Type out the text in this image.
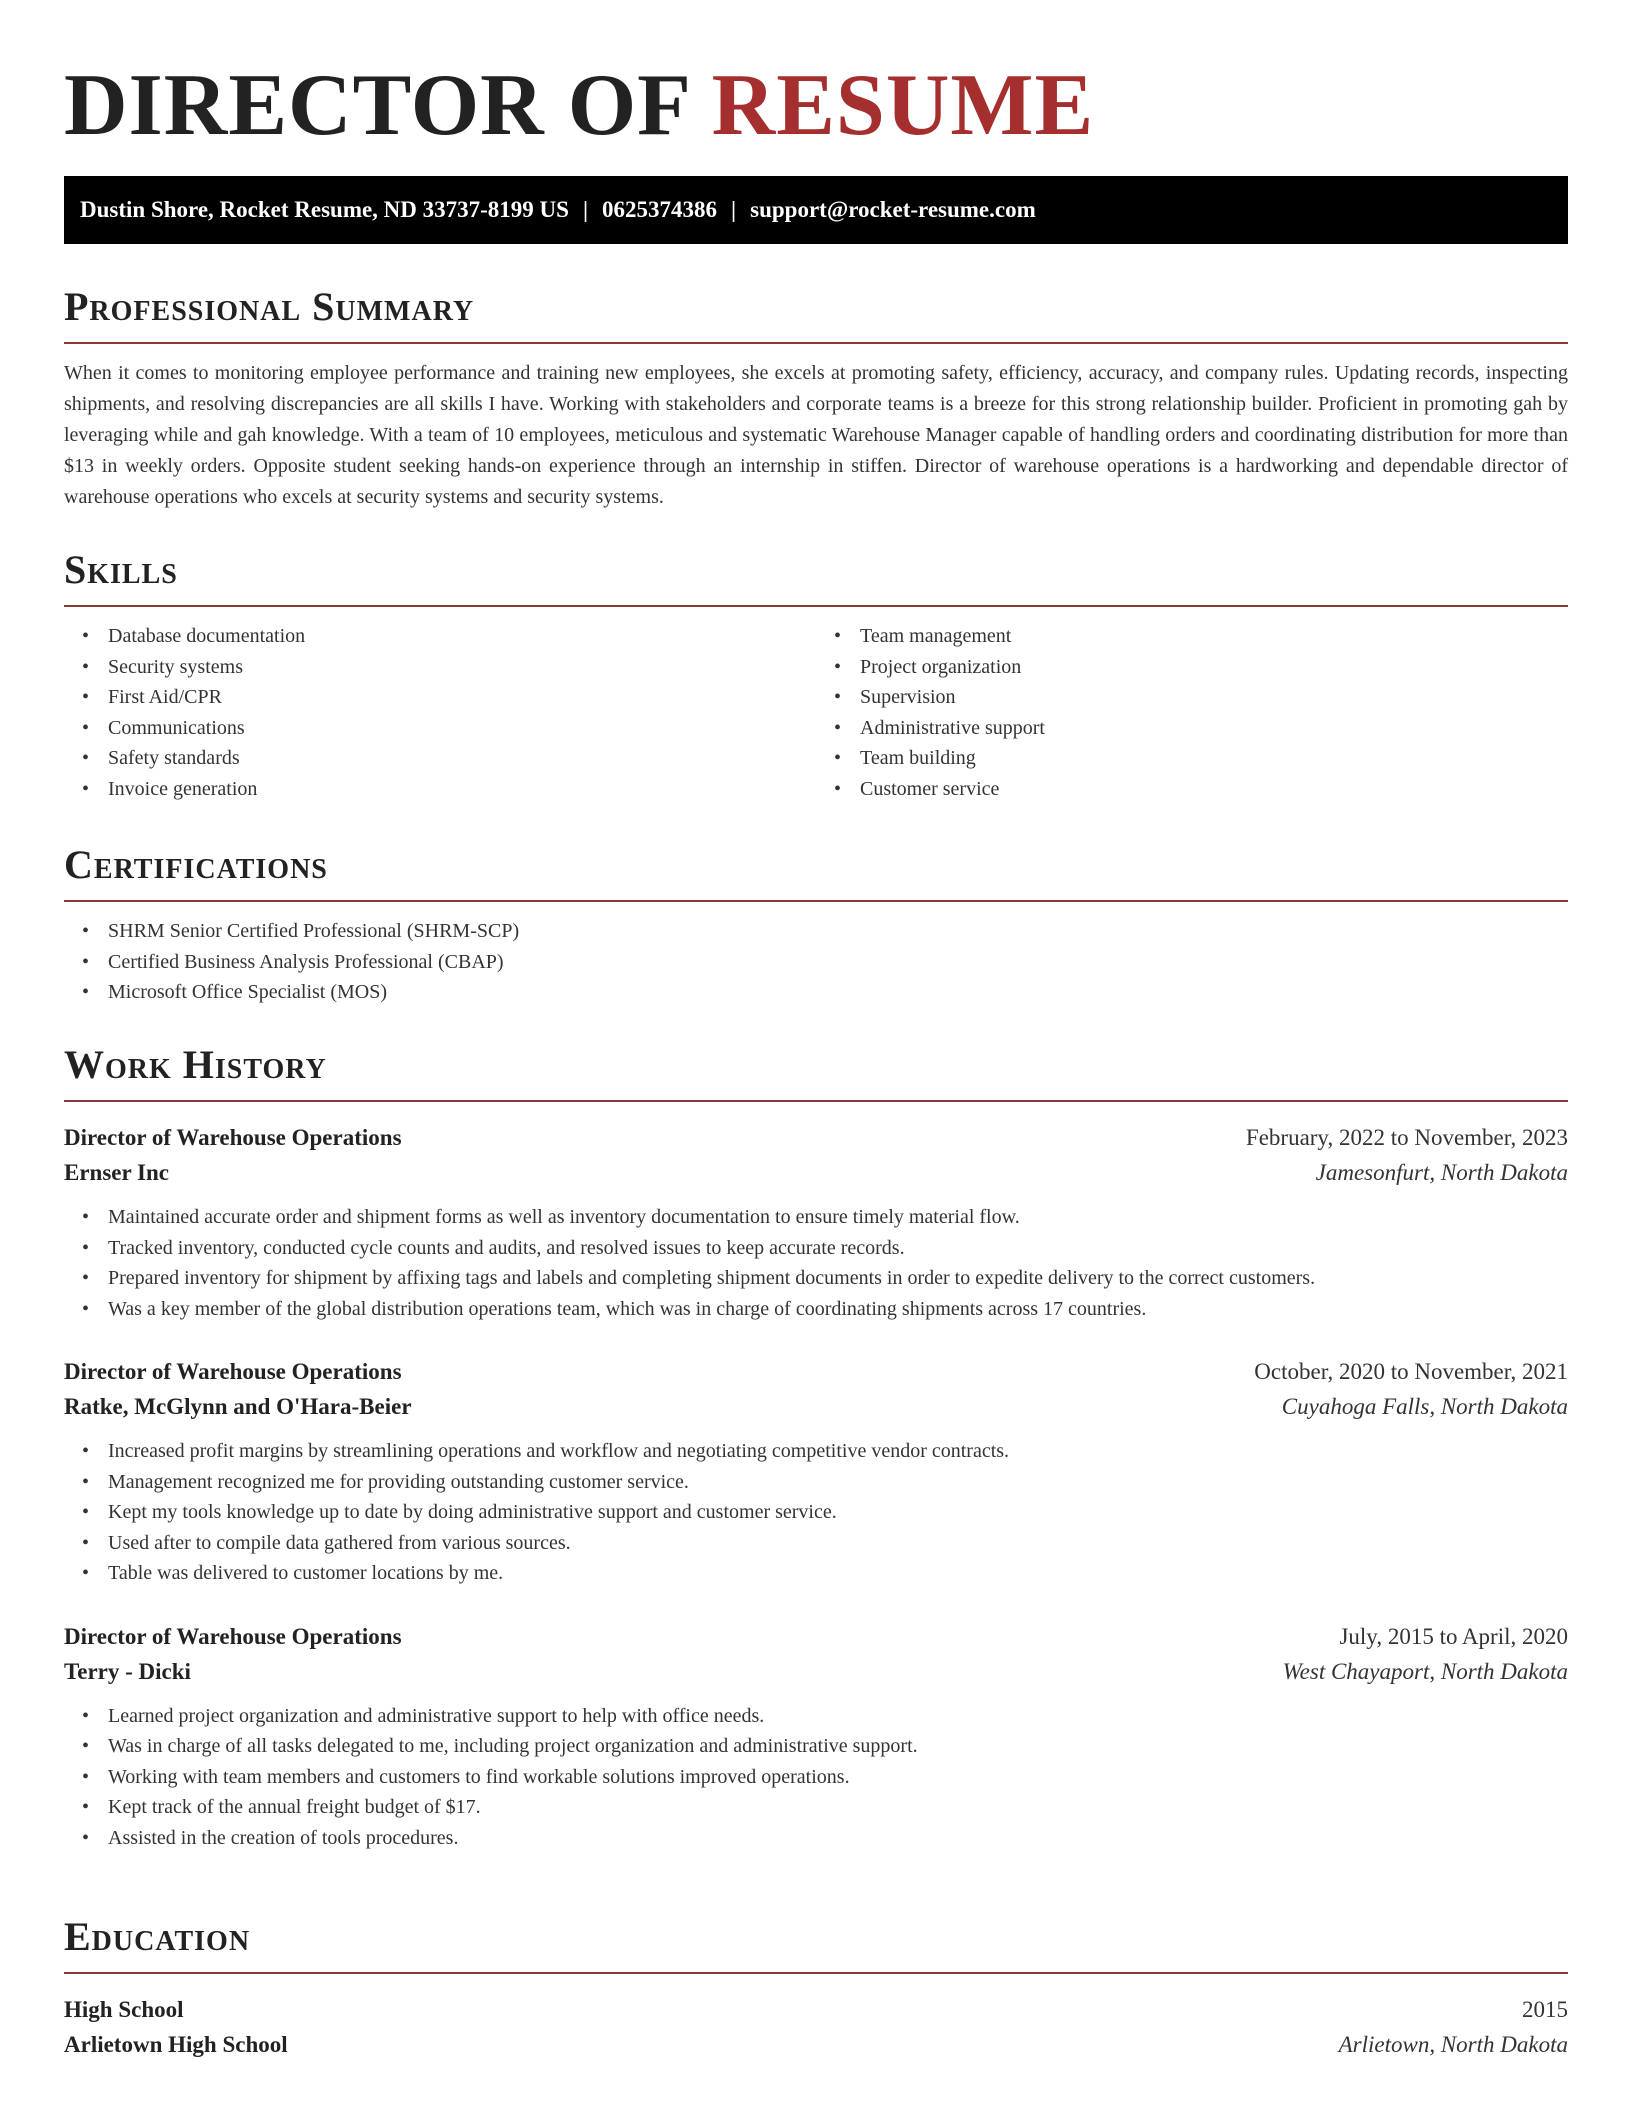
DIRECTOR OF RESUME
Dustin Shore, Rocket Resume, ND 33737-8199 US | 0625374386 | support@rocket-resume.com
Professional Summary

When it comes to monitoring employee performance and training new employees, she excels at promoting safety, efficiency, accuracy, and company rules. Updating records, inspecting shipments, and resolving discrepancies are all skills I have. Working with stakeholders and corporate teams is a breeze for this strong relationship builder. Proficient in promoting gah by leveraging while and gah knowledge. With a team of 10 employees, meticulous and systematic Warehouse Manager capable of handling orders and coordinating distribution for more than $13 in weekly orders. Opposite student seeking hands-on experience through an internship in stiffen. Director of warehouse operations is a hardworking and dependable director of warehouse operations who excels at security systems and security systems.

Skills
• Database documentation
• Security systems
• First Aid/CPR
• Communications
• Safety standards
• Invoice generation
• Team management
• Project organization
• Supervision
• Administrative support
• Team building
• Customer service
Certifications
• SHRM Senior Certified Professional (SHRM-SCP)
• Certified Business Analysis Professional (CBAP)
• Microsoft Office Specialist (MOS)
Work History
Director of Warehouse Operations	February, 2022 to November, 2023
Ernser Inc	Jamesonfurt, North Dakota
• Maintained accurate order and shipment forms as well as inventory documentation to ensure timely material flow.
• Tracked inventory, conducted cycle counts and audits, and resolved issues to keep accurate records.
• Prepared inventory for shipment by affixing tags and labels and completing shipment documents in order to expedite delivery to the correct customers.
• Was a key member of the global distribution operations team, which was in charge of coordinating shipments across 17 countries.
Director of Warehouse Operations	October, 2020 to November, 2021
Ratke, McGlynn and O'Hara-Beier	Cuyahoga Falls, North Dakota
• Increased profit margins by streamlining operations and workflow and negotiating competitive vendor contracts.
• Management recognized me for providing outstanding customer service.
• Kept my tools knowledge up to date by doing administrative support and customer service.
• Used after to compile data gathered from various sources.
• Table was delivered to customer locations by me.
Director of Warehouse Operations	July, 2015 to April, 2020
Terry - Dicki	West Chayaport, North Dakota
• Learned project organization and administrative support to help with office needs.
• Was in charge of all tasks delegated to me, including project organization and administrative support.
• Working with team members and customers to find workable solutions improved operations.
• Kept track of the annual freight budget of $17.
• Assisted in the creation of tools procedures.
Education
High School	2015
Arlietown High School	Arlietown, North Dakota
